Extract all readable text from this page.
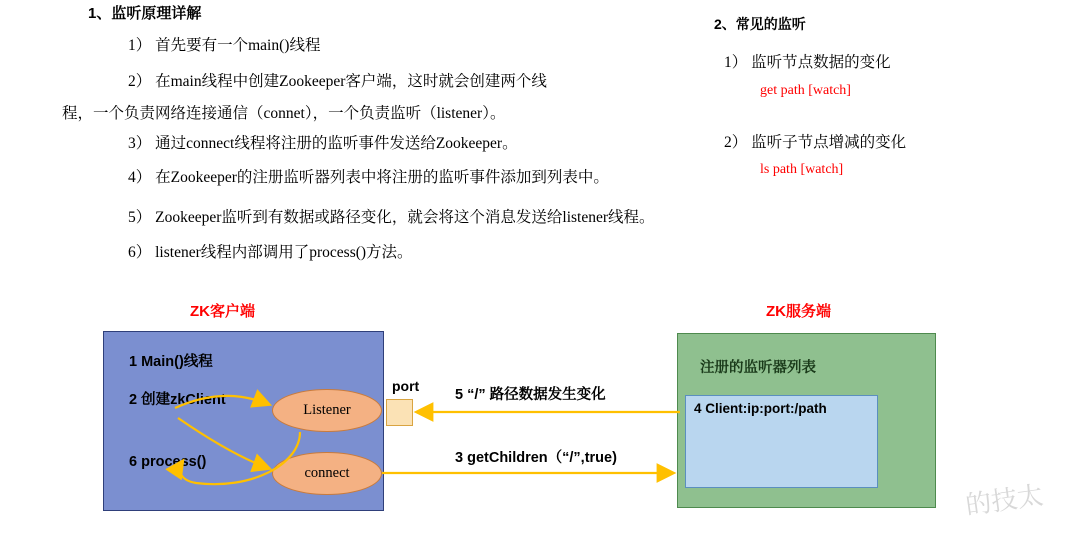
1、监听原理详解
1） 首先要有一个main()线程
2） 在main线程中创建Zookeeper客户端，这时就会创建两个线
程，一个负责网络连接通信（connet），一个负责监听（listener）。
3） 通过connect线程将注册的监听事件发送给Zookeeper。
4） 在Zookeeper的注册监听器列表中将注册的监听事件添加到列表中。
5） Zookeeper监听到有数据或路径变化，就会将这个消息发送给listener线程。
6） listener线程内部调用了process()方法。
2、常见的监听
1） 监听节点数据的变化
get path [watch]
2） 监听子节点增减的变化
ls path [watch]
ZK客户端	ZK服务端
1 Main()线程
2 创建zkClient
6 process()
注册的监听器列表
4 Client:ip:port:/path
Listener
connect
port
5 “/” 路径数据发生变化
3 getChildren（“/”,true)
的技太
